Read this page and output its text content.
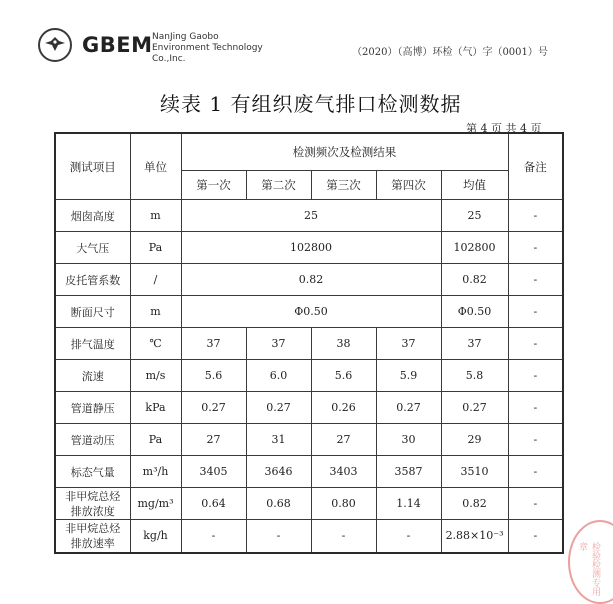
GBEM NanJing Gaobo
Environment Technology
Co.,Inc.
（2020）（高博）环检（气）字（0001）号
续表 1 有组织废气排口检测数据
第 4 页 共 4 页
测试项目	单位	检测频次及检测结果					备注
		第一次	第二次	第三次	第四次	均值	
烟囱高度	m	25				25	-
大气压	Pa	102800				102800	-
皮托管系数	/	0.82				0.82	-
断面尺寸	m	Φ0.50				Φ0.50	-
排气温度	℃	37	37	38	37	37	-
流速	m/s	5.6	6.0	5.6	5.9	5.8	-
管道静压	kPa	0.27	0.27	0.26	0.27	0.27	-
管道动压	Pa	27	31	27	30	29	-
标态气量	m³/h	3405	3646	3403	3587	3510	-

非甲烷总烃
排放浓度	mg/m³	0.64	0.68	0.80	1.14	0.82	-

非甲烷总烃
排放速率	kg/h	-	-	-	-	2.88×10⁻³	-
检验检测专用章
